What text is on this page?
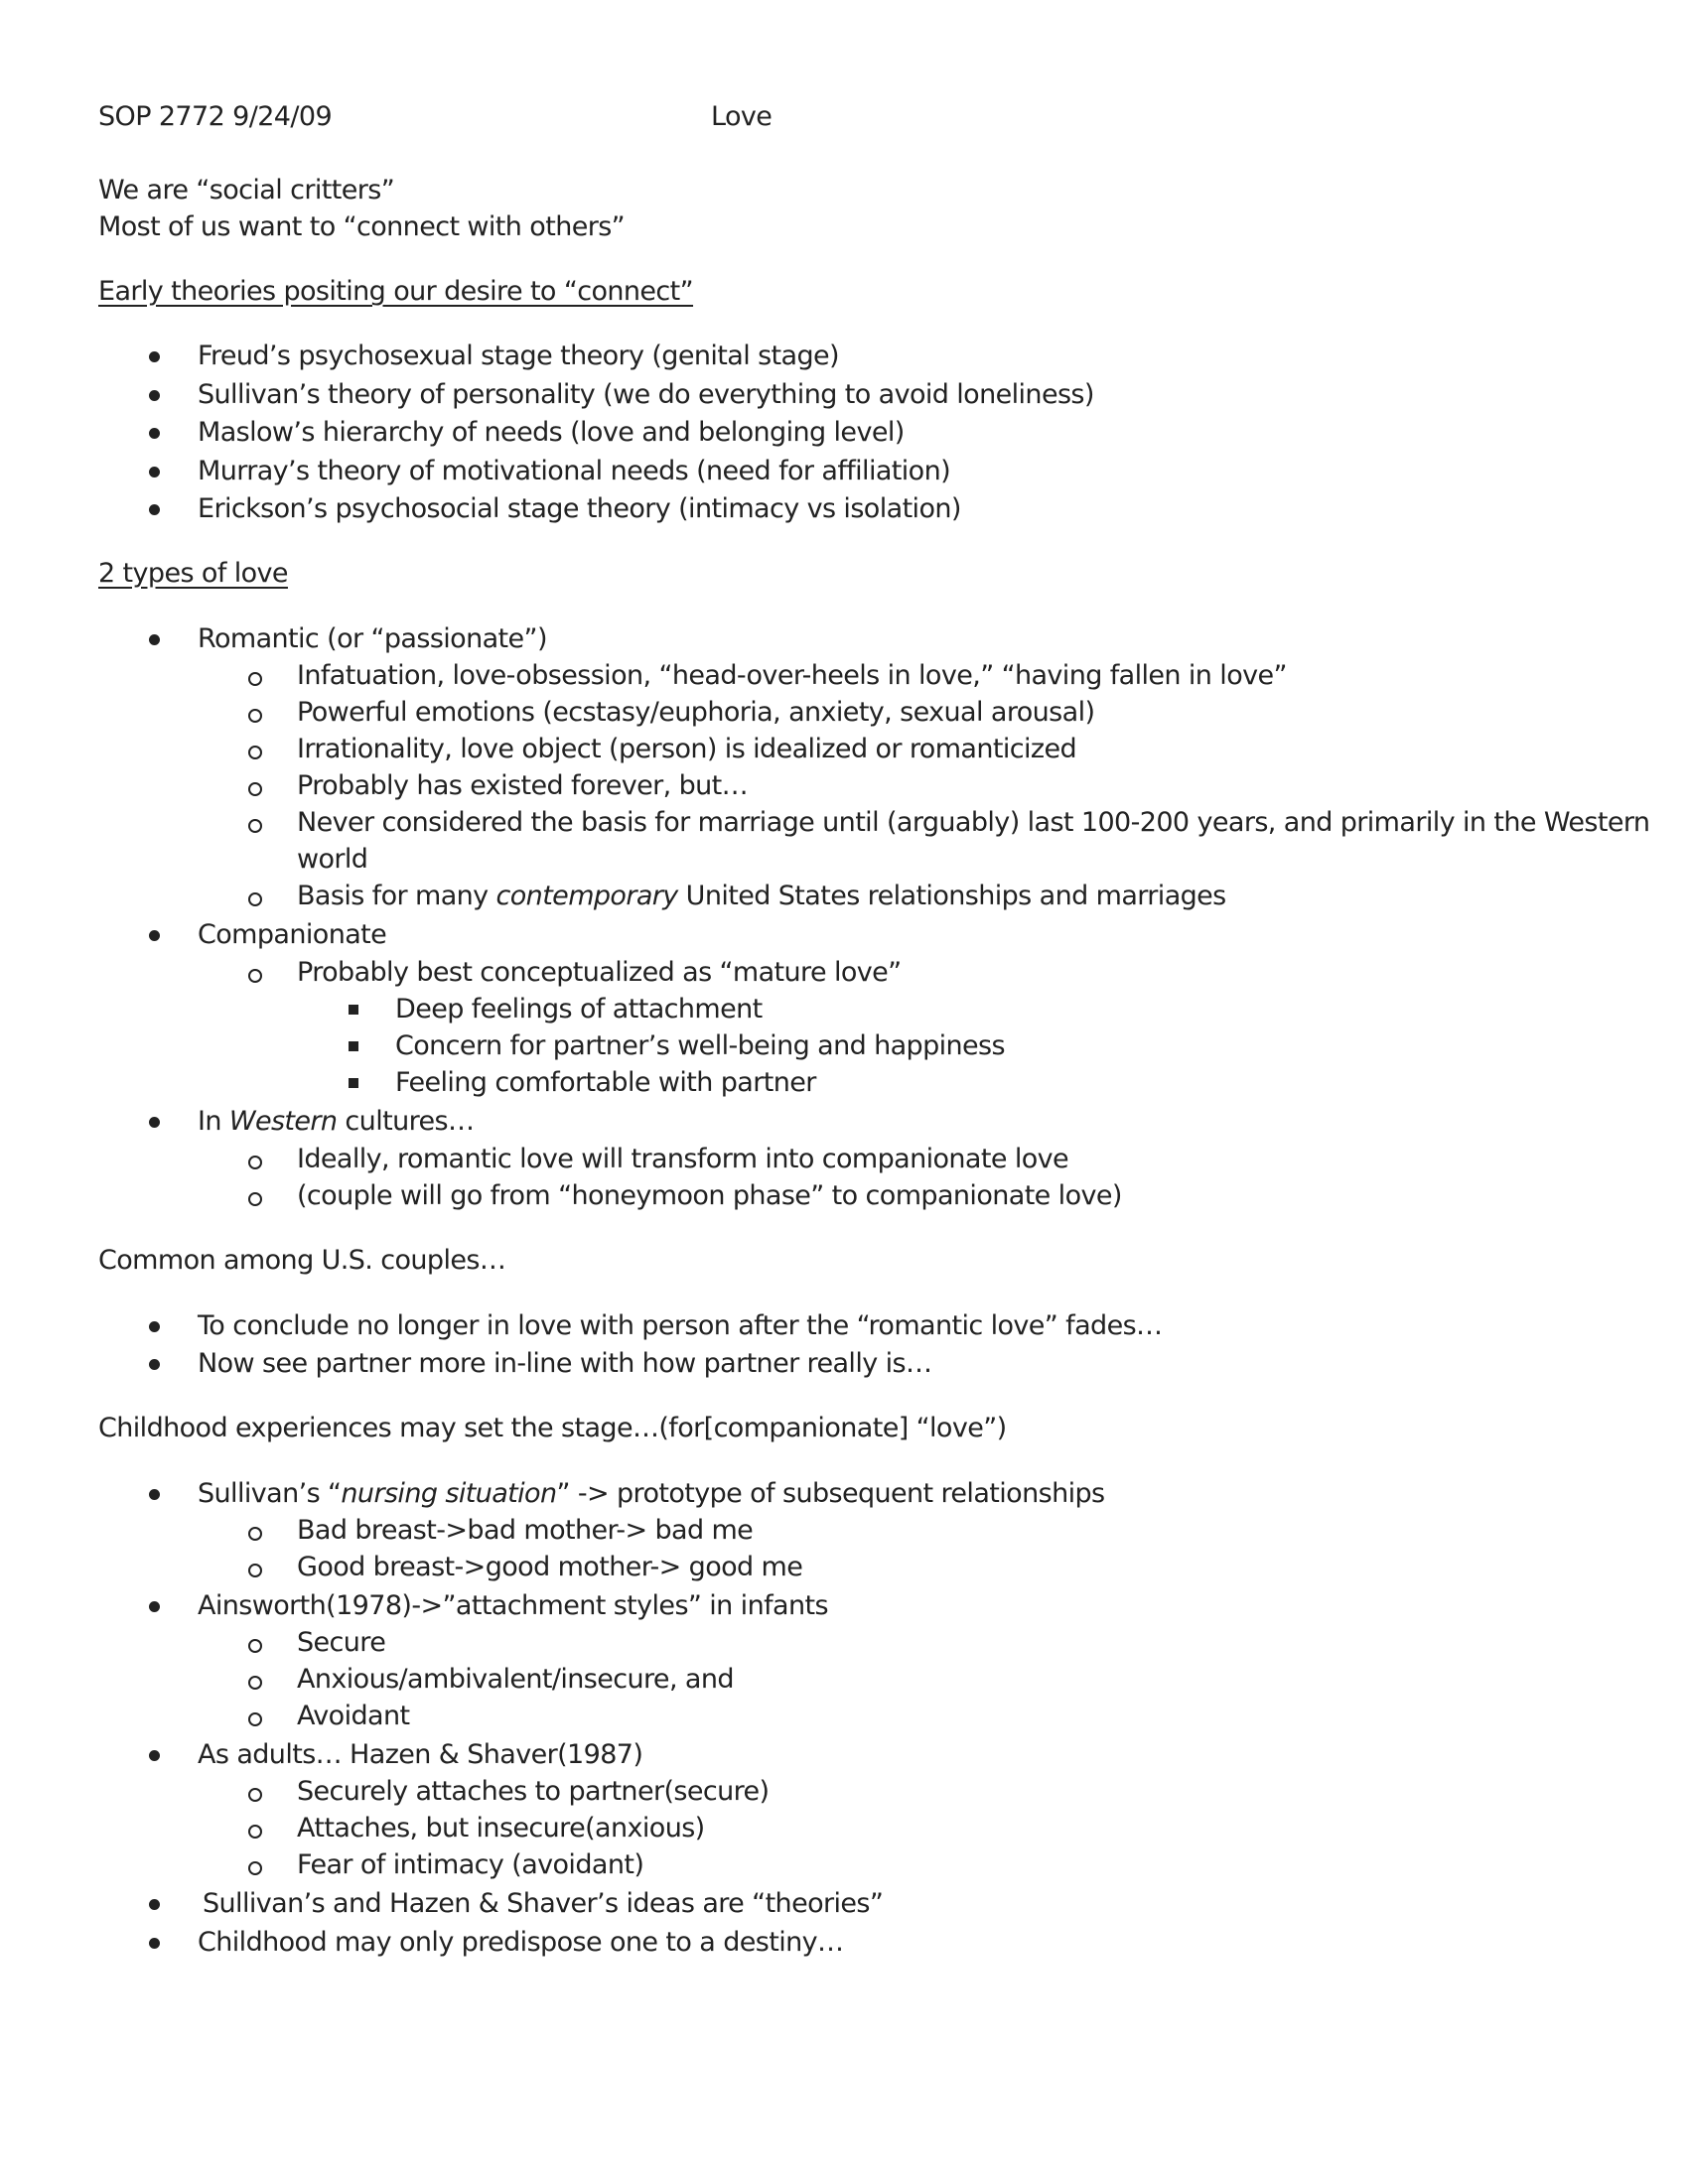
SOP 2772 9/24/09	Love
We are “social critters”
Most of us want to “connect with others”
Early theories positing our desire to “connect”
Freud’s psychosexual stage theory (genital stage)
Sullivan’s theory of personality (we do everything to avoid loneliness)
Maslow’s hierarchy of needs (love and belonging level)
Murray’s theory of motivational needs (need for affiliation)
Erickson’s psychosocial stage theory (intimacy vs isolation)
2 types of love
Romantic (or “passionate”)
Infatuation, love-obsession, “head-over-heels in love,” “having fallen in love”
Powerful emotions (ecstasy/euphoria, anxiety, sexual arousal)
Irrationality, love object (person) is idealized or romanticized
Probably has existed forever, but…
Never considered the basis for marriage until (arguably) last 100-200 years, and primarily in the Western
world
Basis for many contemporary United States relationships and marriages
Companionate
Probably best conceptualized as “mature love”
Deep feelings of attachment
Concern for partner’s well-being and happiness
Feeling comfortable with partner
In Western cultures…
Ideally, romantic love will transform into companionate love
(couple will go from “honeymoon phase” to companionate love)
Common among U.S. couples…
To conclude no longer in love with person after the “romantic love” fades…
Now see partner more in-line with how partner really is…
Childhood experiences may set the stage…(for[companionate] “love”)
Sullivan’s “nursing situation” -> prototype of subsequent relationships
Bad breast->bad mother-> bad me
Good breast->good mother-> good me
Ainsworth(1978)->”attachment styles” in infants
Secure
Anxious/ambivalent/insecure, and
Avoidant
As adults… Hazen & Shaver(1987)
Securely attaches to partner(secure)
Attaches, but insecure(anxious)
Fear of intimacy (avoidant)
Sullivan’s and Hazen & Shaver’s ideas are “theories”
Childhood may only predispose one to a destiny…
